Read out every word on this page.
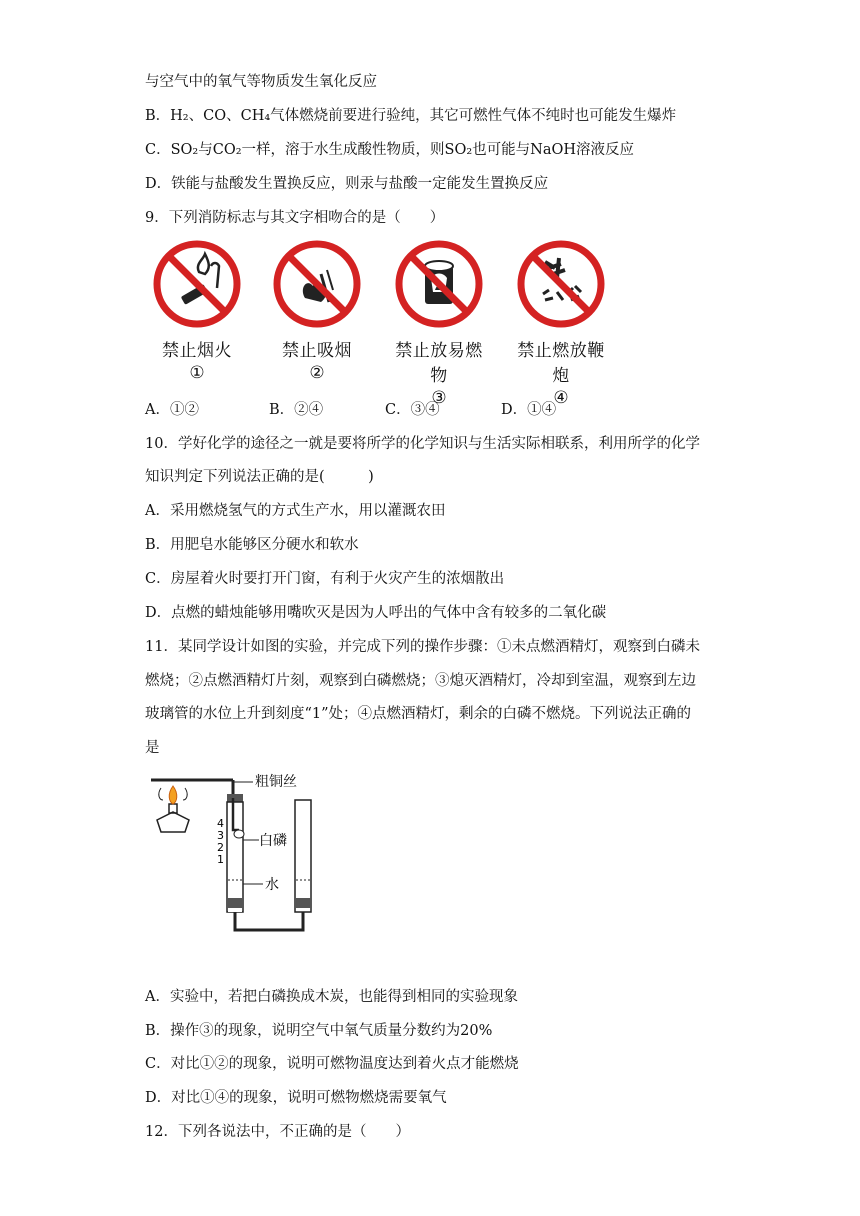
与空气中的氧气等物质发生氧化反应
B．H₂、CO、CH₄气体燃烧前要进行验纯，其它可燃性气体不纯时也可能发生爆炸
C．SO₂与CO₂一样，溶于水生成酸性物质，则SO₂也可能与NaOH溶液反应
D．铁能与盐酸发生置换反应，则汞与盐酸一定能发生置换反应
9．下列消防标志与其文字相吻合的是（　　）
禁止烟火
①
禁止吸烟
②
禁止放易燃物
③
禁止燃放鞭炮
④
A．①②	B．②④	C．③④	D．①④
10．学好化学的途径之一就是要将所学的化学知识与生活实际相联系，利用所学的化学
知识判定下列说法正确的是(　　　)
A．采用燃烧氢气的方式生产水，用以灌溉农田
B．用肥皂水能够区分硬水和软水
C．房屋着火时要打开门窗，有利于火灾产生的浓烟散出
D．点燃的蜡烛能够用嘴吹灭是因为人呼出的气体中含有较多的二氧化碳
11．某同学设计如图的实验，并完成下列的操作步骤：①未点燃酒精灯，观察到白磷未
燃烧；②点燃酒精灯片刻，观察到白磷燃烧；③熄灭酒精灯，冷却到室温，观察到左边
玻璃管的水位上升到刻度“1”处；④点燃酒精灯，剩余的白磷不燃烧。下列说法正确的
是
粗铜丝
4
3
2
1
白磷
水
A．实验中，若把白磷换成木炭，也能得到相同的实验现象
B．操作③的现象，说明空气中氧气质量分数约为20%
C．对比①②的现象，说明可燃物温度达到着火点才能燃烧
D．对比①④的现象，说明可燃物燃烧需要氧气
12．下列各说法中，不正确的是（　　）
